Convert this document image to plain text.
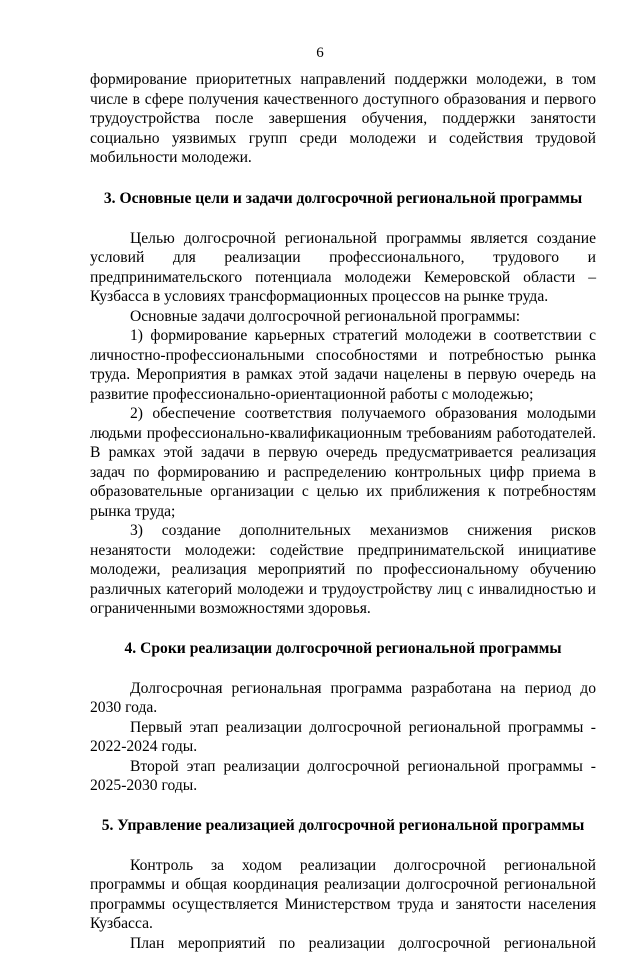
6

формирование приоритетных направлений поддержки молодежи, в том числе в сфере получения качественного доступного образования и первого трудоустройства после завершения обучения, поддержки занятости социально уязвимых групп среди молодежи и содействия трудовой мобильности молодежи.

3. Основные цели и задачи долгосрочной региональной программы

Целью долгосрочной региональной программы является создание условий для реализации профессионального, трудового и предпринимательского потенциала молодежи Кемеровской области – Кузбасса в условиях трансформационных процессов на рынке труда.

Основные задачи долгосрочной региональной программы:

1) формирование карьерных стратегий молодежи в соответствии с личностно-профессиональными способностями и потребностью рынка труда. Мероприятия в рамках этой задачи нацелены в первую очередь на развитие профессионально-ориентационной работы с молодежью;

2) обеспечение соответствия получаемого образования молодыми людьми профессионально-квалификационным требованиям работодателей. В рамках этой задачи в первую очередь предусматривается реализация задач по формированию и распределению контрольных цифр приема в образовательные организации с целью их приближения к потребностям рынка труда;

3) создание дополнительных механизмов снижения рисков незанятости молодежи: содействие предпринимательской инициативе молодежи, реализация мероприятий по профессиональному обучению различных категорий молодежи и трудоустройству лиц с инвалидностью и ограниченными возможностями здоровья.

4. Сроки реализации долгосрочной региональной программы

Долгосрочная региональная программа разработана на период до 2030 года.

Первый этап реализации долгосрочной региональной программы - 2022-2024 годы.

Второй этап реализации долгосрочной региональной программы - 2025-2030 годы.

5. Управление реализацией долгосрочной региональной программы

Контроль за ходом реализации долгосрочной региональной программы и общая координация реализации долгосрочной региональной программы осуществляется Министерством труда и занятости населения Кузбасса.

План мероприятий по реализации долгосрочной региональной
